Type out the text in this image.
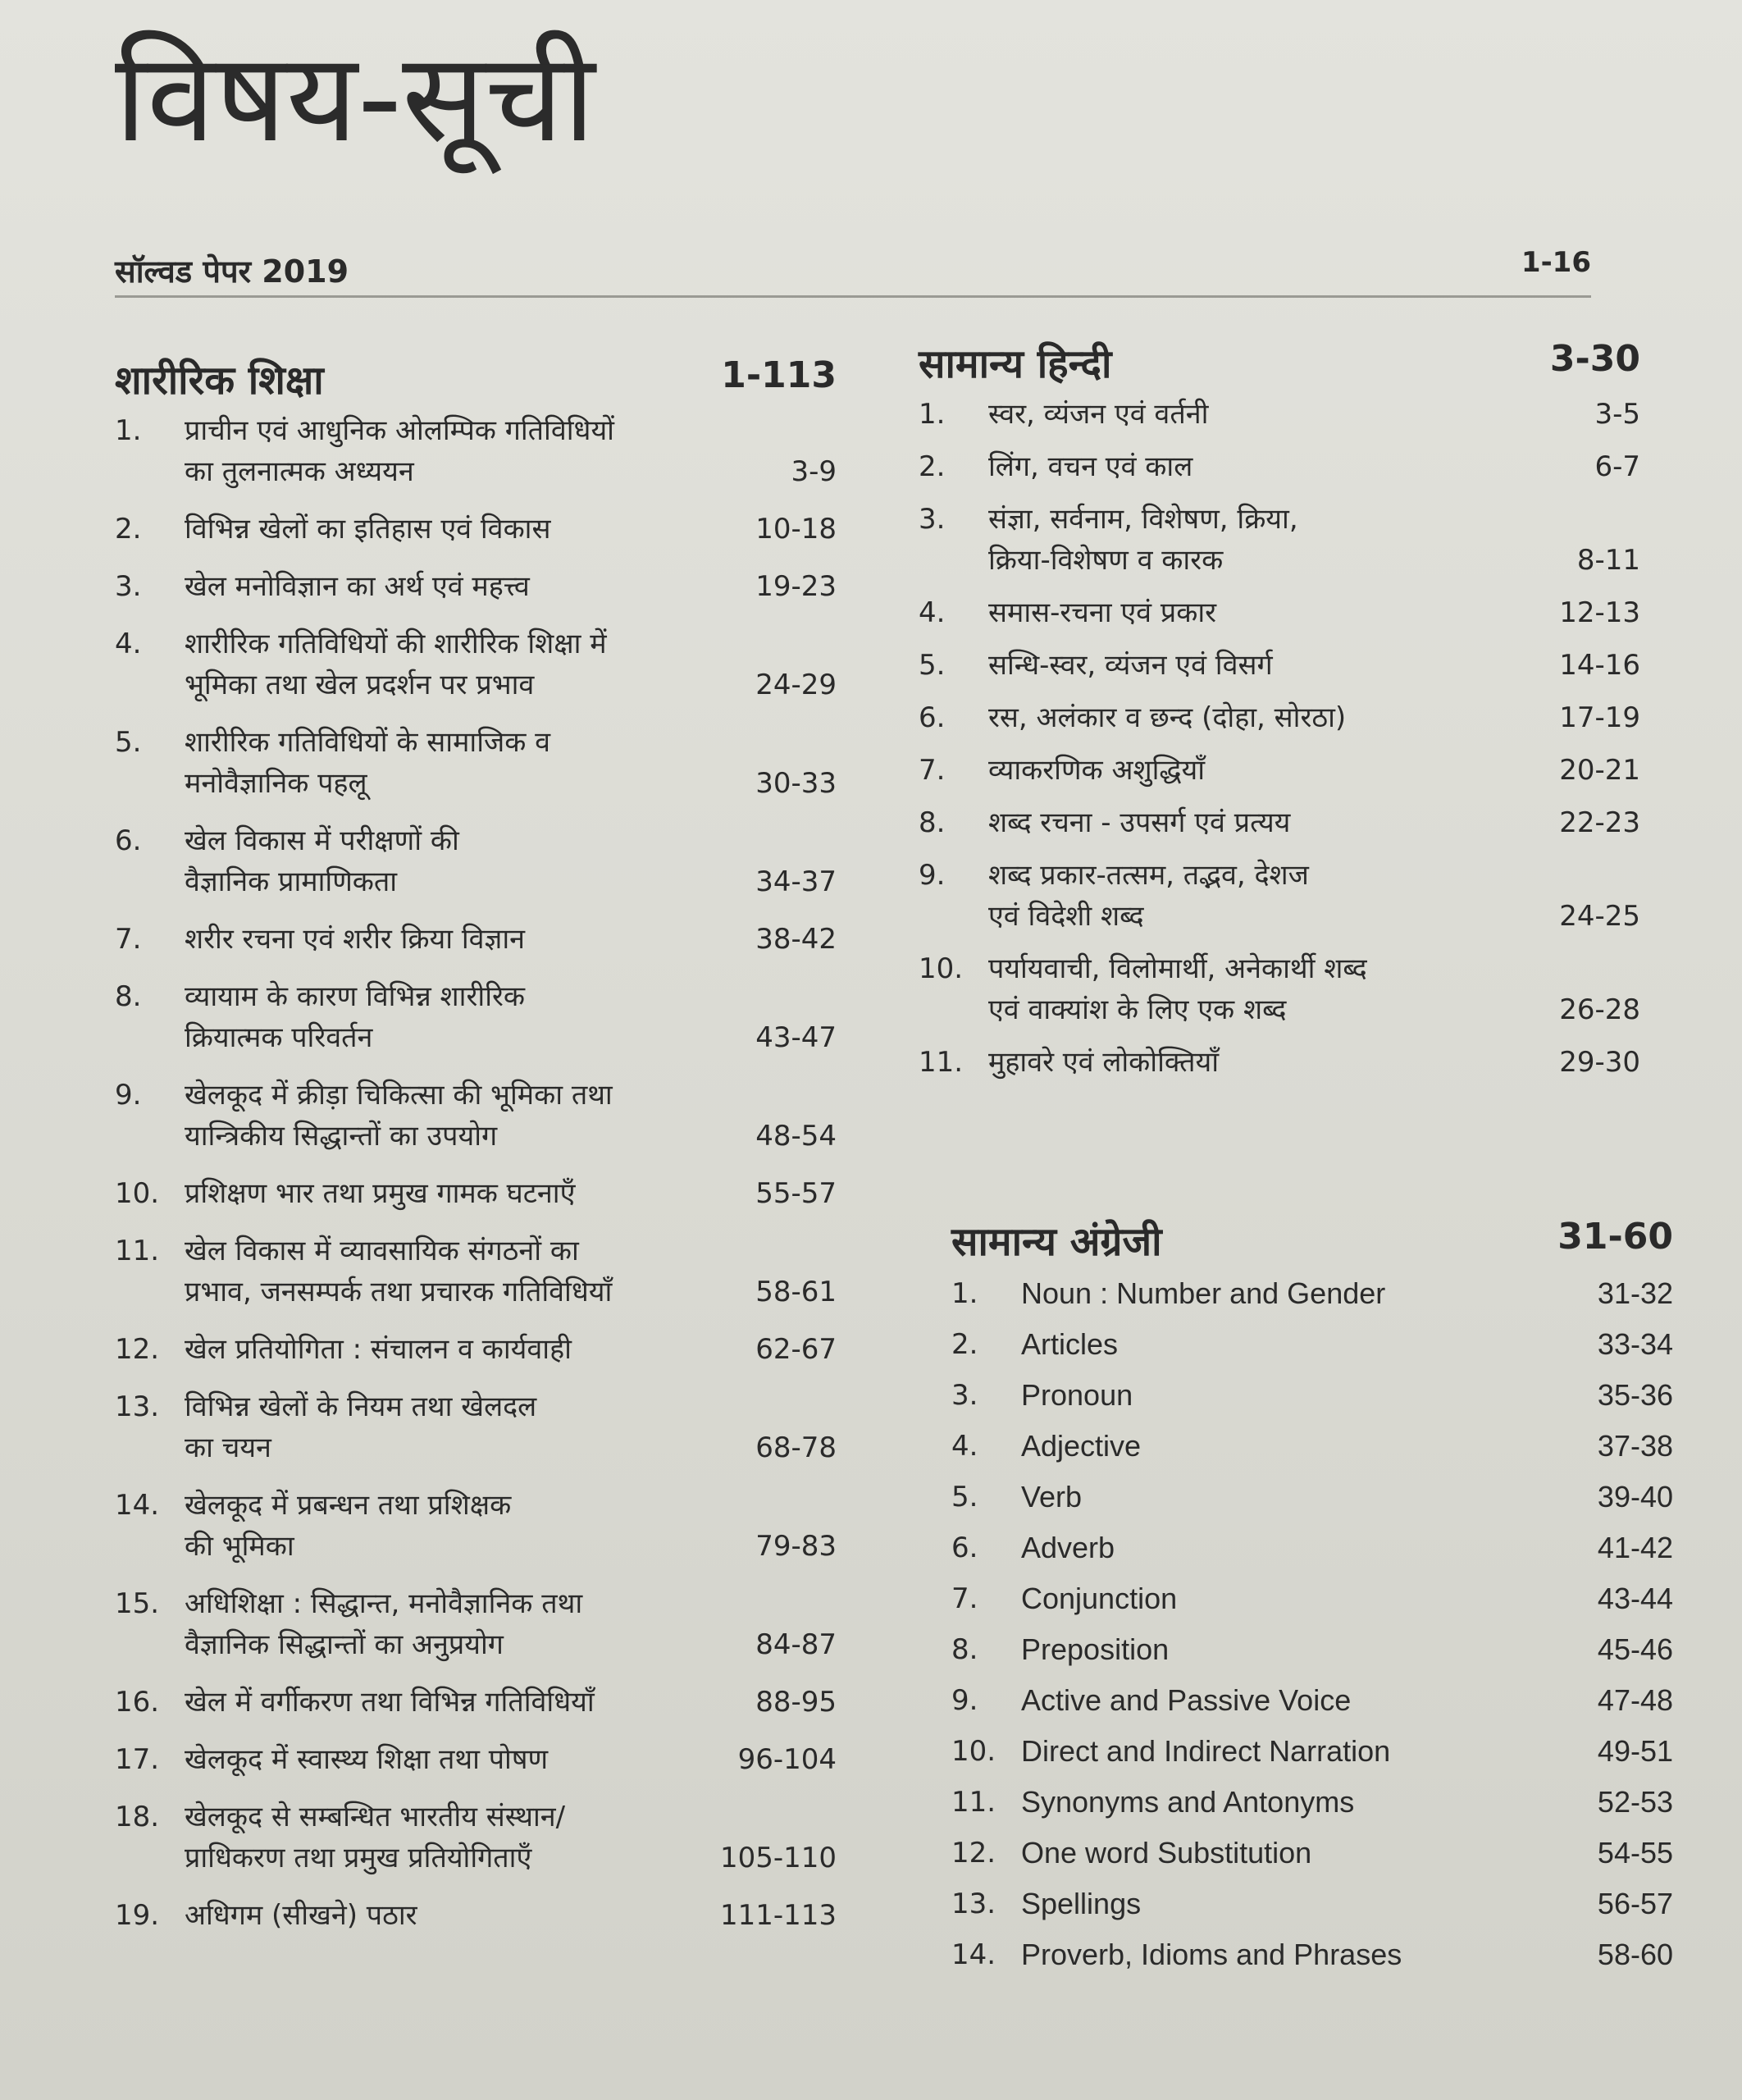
विषय-सूची
सॉल्वड पेपर 2019	1-16
शारीरिक शिक्षा	1-113
1.	प्राचीन एवं आधुनिक ओलम्पिक गतिविधियों
का तुलनात्मक अध्ययन	3-9
2.	विभिन्न खेलों का इतिहास एवं विकास	10-18
3.	खेल मनोविज्ञान का अर्थ एवं महत्त्व	19-23
4.	शारीरिक गतिविधियों की शारीरिक शिक्षा में
भूमिका तथा खेल प्रदर्शन पर प्रभाव	24-29
5.	शारीरिक गतिविधियों के सामाजिक व
मनोवैज्ञानिक पहलू	30-33
6.	खेल विकास में परीक्षणों की
वैज्ञानिक प्रामाणिकता	34-37
7.	शरीर रचना एवं शरीर क्रिया विज्ञान	38-42
8.	व्यायाम के कारण विभिन्न शारीरिक
क्रियात्मक परिवर्तन	43-47
9.	खेलकूद में क्रीड़ा चिकित्सा की भूमिका तथा
यान्त्रिकीय सिद्धान्तों का उपयोग	48-54
10. प्रशिक्षण भार तथा प्रमुख गामक घटनाएँ	55-57
11. खेल विकास में व्यावसायिक संगठनों का
प्रभाव, जनसम्पर्क तथा प्रचारक गतिविधियाँ	58-61
12. खेल प्रतियोगिता : संचालन व कार्यवाही	62-67
13. विभिन्न खेलों के नियम तथा खेलदल
का चयन	68-78
14. खेलकूद में प्रबन्धन तथा प्रशिक्षक
की भूमिका	79-83
15. अधिशिक्षा : सिद्धान्त, मनोवैज्ञानिक तथा
वैज्ञानिक सिद्धान्तों का अनुप्रयोग	84-87
16. खेल में वर्गीकरण तथा विभिन्न गतिविधियाँ	88-95
17. खेलकूद में स्वास्थ्य शिक्षा तथा पोषण	96-104
18. खेलकूद से सम्बन्धित भारतीय संस्थान/
प्राधिकरण तथा प्रमुख प्रतियोगिताएँ	105-110
19. अधिगम (सीखने) पठार	111-113
सामान्य हिन्दी	3-30
1.	स्वर, व्यंजन एवं वर्तनी	3-5
2.	लिंग, वचन एवं काल	6-7
3.	संज्ञा, सर्वनाम, विशेषण, क्रिया,
क्रिया-विशेषण व कारक	8-11
4.	समास-रचना एवं प्रकार	12-13
5.	सन्धि-स्वर, व्यंजन एवं विसर्ग	14-16
6.	रस, अलंकार व छन्द (दोहा, सोरठा)	17-19
7.	व्याकरणिक अशुद्धियाँ	20-21
8.	शब्द रचना - उपसर्ग एवं प्रत्यय	22-23
9.	शब्द प्रकार-तत्सम, तद्भव, देशज
एवं विदेशी शब्द	24-25
10. पर्यायवाची, विलोमार्थी, अनेकार्थी शब्द
एवं वाक्यांश के लिए एक शब्द	26-28
11. मुहावरे एवं लोकोक्तियाँ	29-30
सामान्य अंग्रेजी	31-60
1.	Noun : Number and Gender	31-32
2.	Articles	33-34
3.	Pronoun	35-36
4.	Adjective	37-38
5.	Verb	39-40
6.	Adverb	41-42
7.	Conjunction	43-44
8.	Preposition	45-46
9.	Active and Passive Voice	47-48
10. Direct and Indirect Narration	49-51
11. Synonyms and Antonyms	52-53
12. One word Substitution	54-55
13. Spellings	56-57
14. Proverb, Idioms and Phrases	58-60
